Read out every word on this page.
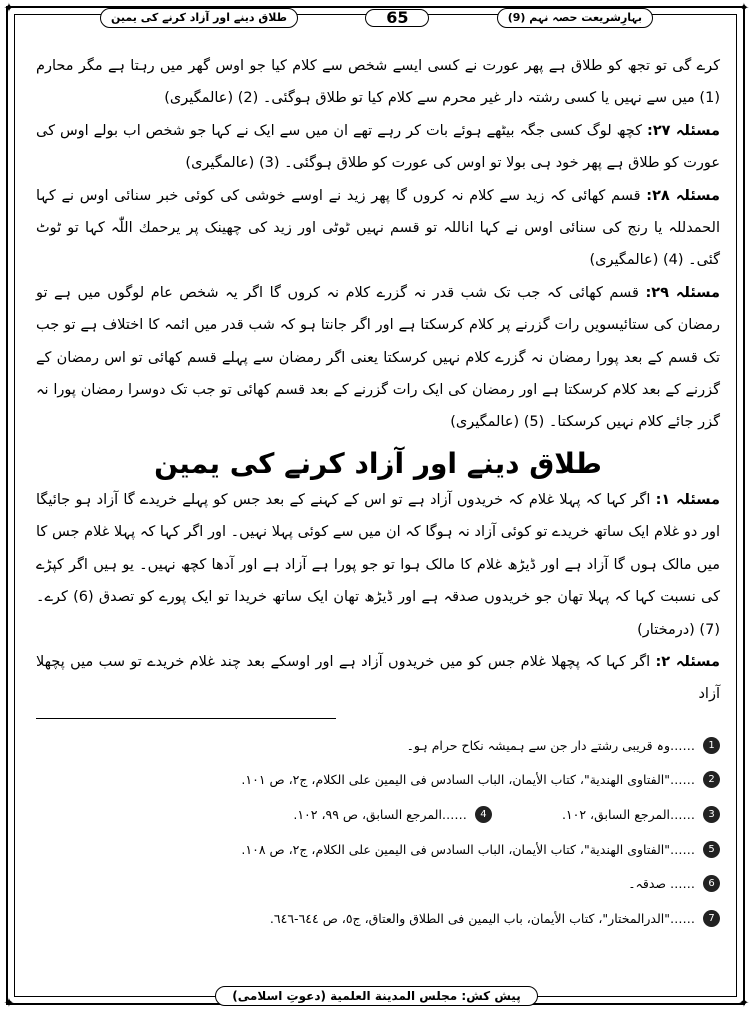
✦	✦
✦	✦
بہارِشریعت حصہ نہم (9)
65
طلاق دینے اور آزاد کرنے کی یمین

کرے گی تو تجھ کو طلاق ہے پھر عورت نے کسی ایسے شخص سے کلام کیا جو اوس گھر میں رہتا ہے مگر محارم (1) میں سے نہیں یا کسی رشتہ دار غیر محرم سے کلام کیا تو طلاق ہوگئی۔ (2) (عالمگیری)

مسئلہ ۲۷: کچھ لوگ کسی جگہ بیٹھے ہوئے بات کر رہے تھے ان میں سے ایک نے کہا جو شخص اب بولے اوس کی عورت کو طلاق ہے پھر خود ہی بولا تو اوس کی عورت کو طلاق ہوگئی۔ (3) (عالمگیری)

مسئلہ ۲۸: قسم کھائی کہ زید سے کلام نہ کروں گا پھر زید نے اوسے خوشی کی کوئی خبر سنائی اوس نے کہا الحمدللہ یا رنج کی سنائی اوس نے کہا اناللہ تو قسم نہیں ٹوٹی اور زید کی چھینک پر یرحمك اللّٰہ کہا تو ٹوٹ گئی۔ (4) (عالمگیری)

مسئلہ ۲۹: قسم کھائی کہ جب تک شب قدر نہ گزرے کلام نہ کروں گا اگر یہ شخص عام لوگوں میں ہے تو رمضان کی ستائیسویں رات گزرنے پر کلام کرسکتا ہے اور اگر جانتا ہو کہ شب قدر میں ائمہ کا اختلاف ہے تو جب تک قسم کے بعد پورا رمضان نہ گزرے کلام نہیں کرسکتا یعنی اگر رمضان سے پہلے قسم کھائی تو اس رمضان کے گزرنے کے بعد کلام کرسکتا ہے اور رمضان کی ایک رات گزرنے کے بعد قسم کھائی تو جب تک دوسرا رمضان پورا نہ گزر جائے کلام نہیں کرسکتا۔ (5) (عالمگیری)

طلاق دینے اور آزاد کرنے کی یمین

مسئلہ ۱: اگر کہا کہ پہلا غلام کہ خریدوں آزاد ہے تو اس کے کہنے کے بعد جس کو پہلے خریدے گا آزاد ہو جائیگا اور دو غلام ایک ساتھ خریدے تو کوئی آزاد نہ ہوگا کہ ان میں سے کوئی پہلا نہیں۔ اور اگر کہا کہ پہلا غلام جس کا میں مالک ہوں گا آزاد ہے اور ڈیڑھ غلام کا مالک ہوا تو جو پورا ہے آزاد ہے اور آدھا کچھ نہیں۔ یو ہیں اگر کپڑے کی نسبت کہا کہ پہلا تھان جو خریدوں صدقہ ہے اور ڈیڑھ تھان ایک ساتھ خریدا تو ایک پورے کو تصدق (6) کرے۔ (7) (درمختار)

مسئلہ ۲: اگر کہا کہ پچھلا غلام جس کو میں خریدوں آزاد ہے اور اوسکے بعد چند غلام خریدے تو سب میں پچھلا آزاد

1
……وہ قریبی رشتے دار جن سے ہمیشہ نکاح حرام ہو۔
2
……"الفتاوی الهندية"، كتاب الأيمان، الباب السادس فی اليمين على الكلام، ج٢، ص ١٠١.
3
……المرجع السابق، ١٠٢.
4
……المرجع السابق، ص ٩٩، ١٠٢.
5
……"الفتاوی الهندية"، كتاب الأيمان، الباب السادس فی اليمين على الكلام، ج٢، ص ١٠٨.
6
…… صدقہ۔
7
……"الدرالمختار"، كتاب الأيمان، باب اليمين فی الطلاق والعتاق، ج٥، ص ٦٤٤-٦٤٦.
پیش کش: مجلس المدينة العلمية (دعوتِ اسلامی)
